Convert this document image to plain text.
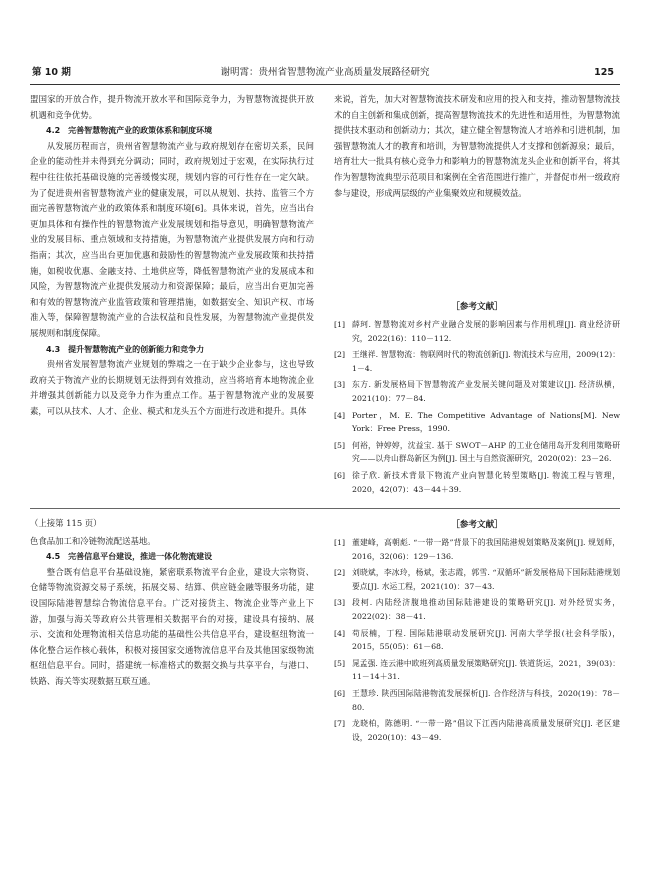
谢明霄：贵州省智慧物流产业高质量发展路径研究
第 10 期	125

盟国家的开放合作，提升物流开放水平和国际竞争力，为智慧物流提供开放机遇和竞争优势。

4.2　完善智慧物流产业的政策体系和制度环境

从发展历程而言，贵州省智慧物流产业与政府规划存在密切关系，民间企业的能动性并未得到充分调动；同时，政府规划过于宏观，在实际执行过程中往往依托基础设施的完善缓慢实现，规划内容的可行性存在一定欠缺。为了促进贵州省智慧物流产业的健康发展，可以从规划、扶持、监管三个方面完善智慧物流产业的政策体系和制度环境[6]。具体来说，首先，应当出台更加具体和有操作性的智慧物流产业发展规划和指导意见，明确智慧物流产业的发展目标、重点领域和支持措施，为智慧物流产业提供发展方向和行动指南；其次，应当出台更加优惠和鼓励性的智慧物流产业发展政策和扶持措施，如税收优惠、金融支持、土地供应等，降低智慧物流产业的发展成本和风险，为智慧物流产业提供发展动力和资源保障；最后，应当出台更加完善和有效的智慧物流产业监管政策和管理措施，如数据安全、知识产权、市场准入等，保障智慧物流产业的合法权益和良性发展，为智慧物流产业提供发展规则和制度保障。

4.3　提升智慧物流产业的创新能力和竞争力

贵州省发展智慧物流产业规划的弊端之一在于缺少企业参与，这也导致政府关于物流产业的长期规划无法得到有效推动，应当将培育本地物流企业并增强其创新能力以及竞争力作为重点工作。基于智慧物流产业的发展要素，可以从技术、人才、企业、模式和龙头五个方面进行改进和提升。具体

来说，首先，加大对智慧物流技术研发和应用的投入和支持，推动智慧物流技术的自主创新和集成创新，提高智慧物流技术的先进性和适用性，为智慧物流提供技术驱动和创新动力；其次，建立健全智慧物流人才培养和引进机制，加强智慧物流人才的教育和培训，为智慧物流提供人才支撑和创新源泉；最后，培育壮大一批具有核心竞争力和影响力的智慧物流龙头企业和创新平台，将其作为智慧物流典型示范项目和案例在全省范围进行推广，并督促市州一级政府参与建设，形成两层级的产业集聚效应和规模效益。

［参考文献］
[1] 薛珂. 智慧物流对乡村产业融合发展的影响因素与作用机理[J]. 商业经济研究，2022(16)：110－112.
[2] 王继祥. 智慧物流：物联网时代的物流创新[J]. 物流技术与应用，2009(12)：1－4.
[3] 东方. 新发展格局下智慧物流产业发展关键问题及对策建议[J]. 经济纵横，2021(10)：77－84.
[4] Porter，M. E. The Competitive Advantage of Nations[M]. New York：Free Press，1990.
[5] 何裕，钟婷婷，沈益宝. 基于 SWOT－AHP 的工业仓储用岛开发利用策略研究——以舟山群岛新区为例[J]. 国土与自然资源研究，2020(02)：23－26.
[6] 徐子欣. 新技术背景下物流产业向智慧化转型策略[J]. 物流工程与管理，2020，42(07)：43－44＋39.

（上接第 115 页）

色食品加工和冷链物流配送基地。

4.5　完善信息平台建设，推进一体化物流建设

整合既有信息平台基础设施，紧密联系物流平台企业，建设大宗物资、仓储等物流资源交易子系统，拓展交易、结算、供应链金融等服务功能，建设国际陆港智慧综合物流信息平台。广泛对接货主、物流企业等产业上下游，加强与海关等政府公共管理相关数据平台的对接，建设具有接纳、展示、交流和处理物流相关信息功能的基础性公共信息平台，建设枢纽物流一体化整合运作核心载体，积极对接国家交通物流信息平台及其他国家级物流枢纽信息平台。同时，搭建统一标准格式的数据交换与共享平台，与港口、铁路、海关等实现数据互联互通。

［参考文献］
[1] 董建峰，高朝彪. “一带一路”背景下的我国陆港规划策略及案例[J]. 规划师，2016，32(06)：129－136.
[2] 刘晓斌，李冰玲，杨斌，张志霞，郭雪. “双循环”新发展格局下国际陆港规划要点[J]. 水运工程，2021(10)：37－43.
[3] 段柯. 内陆经济腹地推动国际陆港建设的策略研究[J]. 对外经贸实务，2022(02)：38－41.
[4] 苟辰楠，丁程. 国际陆港联动发展研究[J]. 河南大学学报(社会科学版)，2015，55(05)：61－68.
[5] 晁孟强. 连云港中欧班列高质量发展策略研究[J]. 铁道货运，2021，39(03)：11－14＋31.
[6] 王慧珍. 陕西国际陆港物流发展探析[J]. 合作经济与科技，2020(19)：78－80.
[7] 龙晓柏，陈德明. “一带一路”倡议下江西内陆港高质量发展研究[J]. 老区建设，2020(10)：43－49.
